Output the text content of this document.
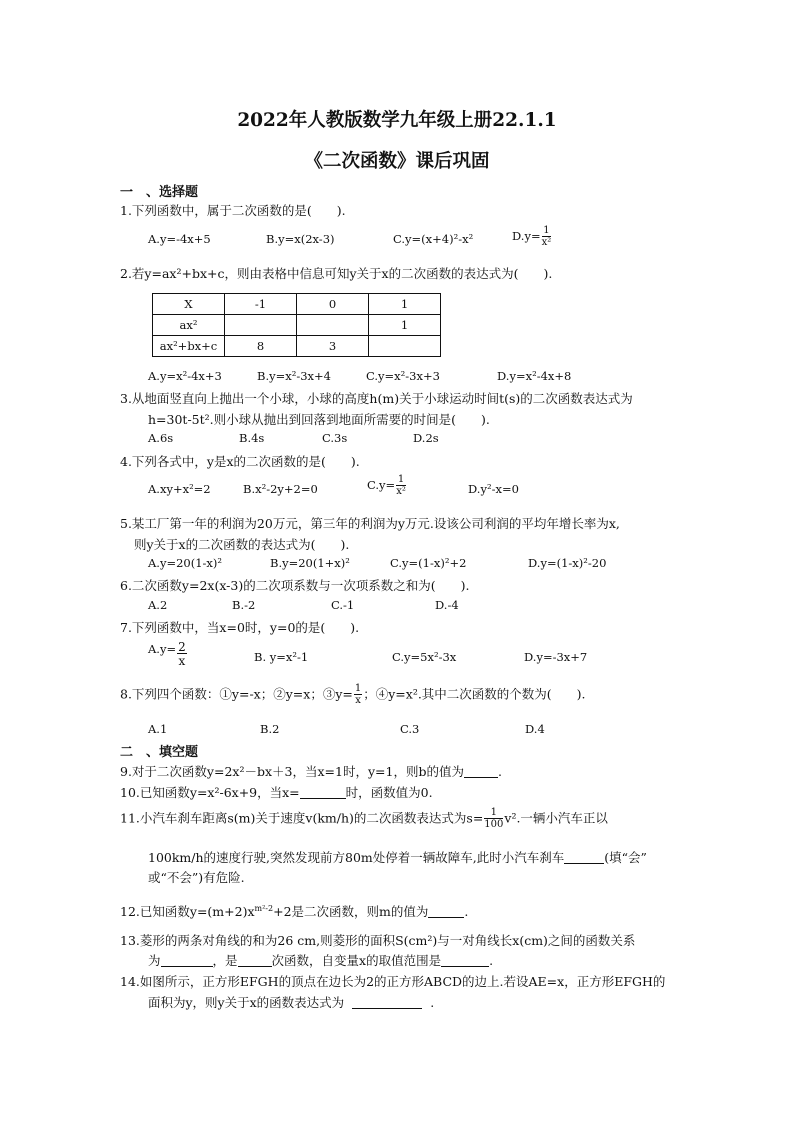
2022年人教版数学九年级上册22.1.1
《二次函数》课后巩固
一　、选择题
1.下列函数中，属于二次函数的是(　　).
A.y=-4x+5	B.y=x(2x-3)	C.y=(x+4)²-x²	$D.y= \frac{1}{\text{x²}}$
2.若y=ax²+bx+c，则由表格中信息可知y关于x的二次函数的表达式为(　　).
X	-1	0	1
ax²			1
ax²+bx+c	8	3	
A.y=x²-4x+3	B.y=x²-3x+4	C.y=x²-3x+3	D.y=x²-4x+8
3.从地面竖直向上抛出一个小球，小球的高度h(m)关于小球运动时间t(s)的二次函数表达式为
h=30t-5t².则小球从抛出到回落到地面所需要的时间是(　　).
A.6s	B.4s	C.3s	D.2s
4.下列各式中，y是x的二次函数的是(　　).
A.xy+x²=2	B.x²-2y+2=0	$C.y= \frac{1}{\text{x²}}$	D.y²-x=0
5.某工厂第一年的利润为20万元，第三年的利润为y万元.设该公司利润的平均年增长率为x,
则y关于x的二次函数的表达式为(　　).
A.y=20(1-x)²	B.y=20(1+x)²	C.y=(1-x)²+2	D.y=(1-x)²-20
6.二次函数y=2x(x-3)的二次项系数与一次项系数之和为(　　).
A.2	B.-2	C.-1	D.-4
7.下列函数中，当x=0时，y=0的是(　　).
$A.y= \frac{2}{x}$	B. y=x²-1	C.y=5x²-3x	D.y=-3x+7
8.下列四个函数：①y=-x；②y=x；③y= $\frac{1}{x}$ ；④y=x².其中二次函数的个数为(　　).
A.1	B.2	C.3	D.4
二　、填空题
9.对于二次函数y=2x²－bx＋3，当x=1时，y=1，则b的值为	.
10.已知函数y=x²-6x+9，当x=	时，函数值为0.
11.小汽车刹车距离s(m)关于速度v(km/h)的二次函数表达式为$s= \frac{1}{100} v^2$.一辆小汽车正以
100km/h的速度行驶,突然发现前方80m处停着一辆故障车,此时小汽车刹车	(填“会”
或“不会”)有危险.
12.已知函数$y=(m+2)x^{m^2-2}+2$是二次函数，则m的值为	.
13.菱形的两条对角线的和为26 cm,则菱形的面积S(cm²)与一对角线长x(cm)之间的函数关系
为	，是	次函数，自变量x的取值范围是	.
14.如图所示，正方形EFGH的顶点在边长为2的正方形ABCD的边上.若设AE=x，正方形EFGH的
面积为y，则y关于x的函数表达式为	.
